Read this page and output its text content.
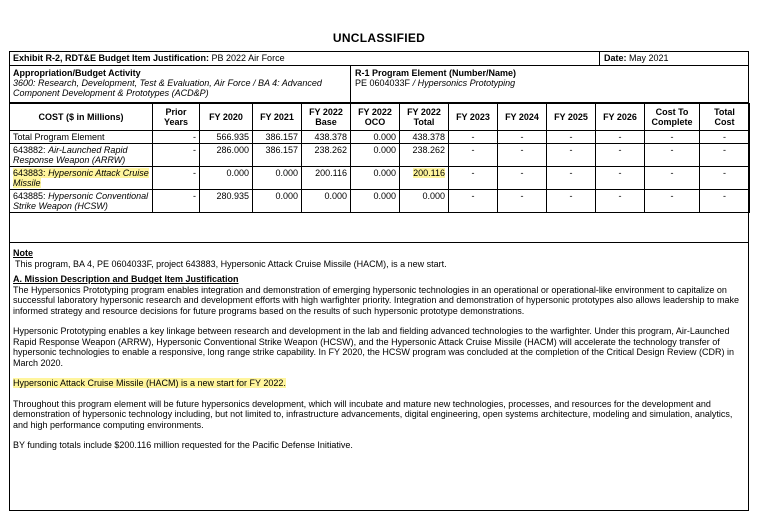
UNCLASSIFIED
Exhibit R-2, RDT&E Budget Item Justification: PB 2022 Air Force	Date: May 2021
Appropriation/Budget Activity
3600: Research, Development, Test & Evaluation, Air Force / BA 4: Advanced Component Development & Prototypes (ACD&P)
R-1 Program Element (Number/Name)
PE 0604033F / Hypersonics Prototyping
COST ($ in Millions)	Prior Years	FY 2020	FY 2021	FY 2022 Base	FY 2022 OCO	FY 2022 Total	FY 2023	FY 2024	FY 2025	FY 2026	Cost To Complete	Total Cost
Total Program Element	-	566.935	386.157	438.378	0.000	438.378	-	-	-	-	-	-
643882: Air-Launched Rapid Response Weapon (ARRW)	-	286.000	386.157	238.262	0.000	238.262	-	-	-	-	-	-
643883: Hypersonic Attack Cruise Missile	-	0.000	0.000	200.116	0.000	200.116	-	-	-	-	-	-
643885: Hypersonic Conventional Strike Weapon (HCSW)	-	280.935	0.000	0.000	0.000	0.000	-	-	-	-	-	-

Note

This program, BA 4, PE 0604033F, project 643883, Hypersonic Attack Cruise Missile (HACM), is a new start.

A. Mission Description and Budget Item Justification

The Hypersonics Prototyping program enables integration and demonstration of emerging hypersonic technologies in an operational or operational-like environment to capitalize on successful laboratory hypersonic research and development efforts with high warfighter priority. Integration and demonstration of hypersonic prototypes also allows leadership to make informed strategy and resource decisions for future programs based on the results of such hypersonic prototype demonstrations.

Hypersonic Prototyping enables a key linkage between research and development in the lab and fielding advanced technologies to the warfighter. Under this program, Air-Launched Rapid Response Weapon (ARRW), Hypersonic Conventional Strike Weapon (HCSW), and the Hypersonic Attack Cruise Missile (HACM) will accelerate the technology transfer of hypersonic technologies to enable a responsive, long range strike capability. In FY 2020, the HCSW program was concluded at the completion of the Critical Design Review (CDR) in March 2020.

Hypersonic Attack Cruise Missile (HACM) is a new start for FY 2022.

Throughout this program element will be future hypersonics development, which will incubate and mature new technologies, processes, and resources for the development and demonstration of hypersonic technology including, but not limited to, infrastructure advancements, digital engineering, open systems architecture, modeling and simulation, analytics, and high performance computing environments.

BY funding totals include $200.116 million requested for the Pacific Defense Initiative.
